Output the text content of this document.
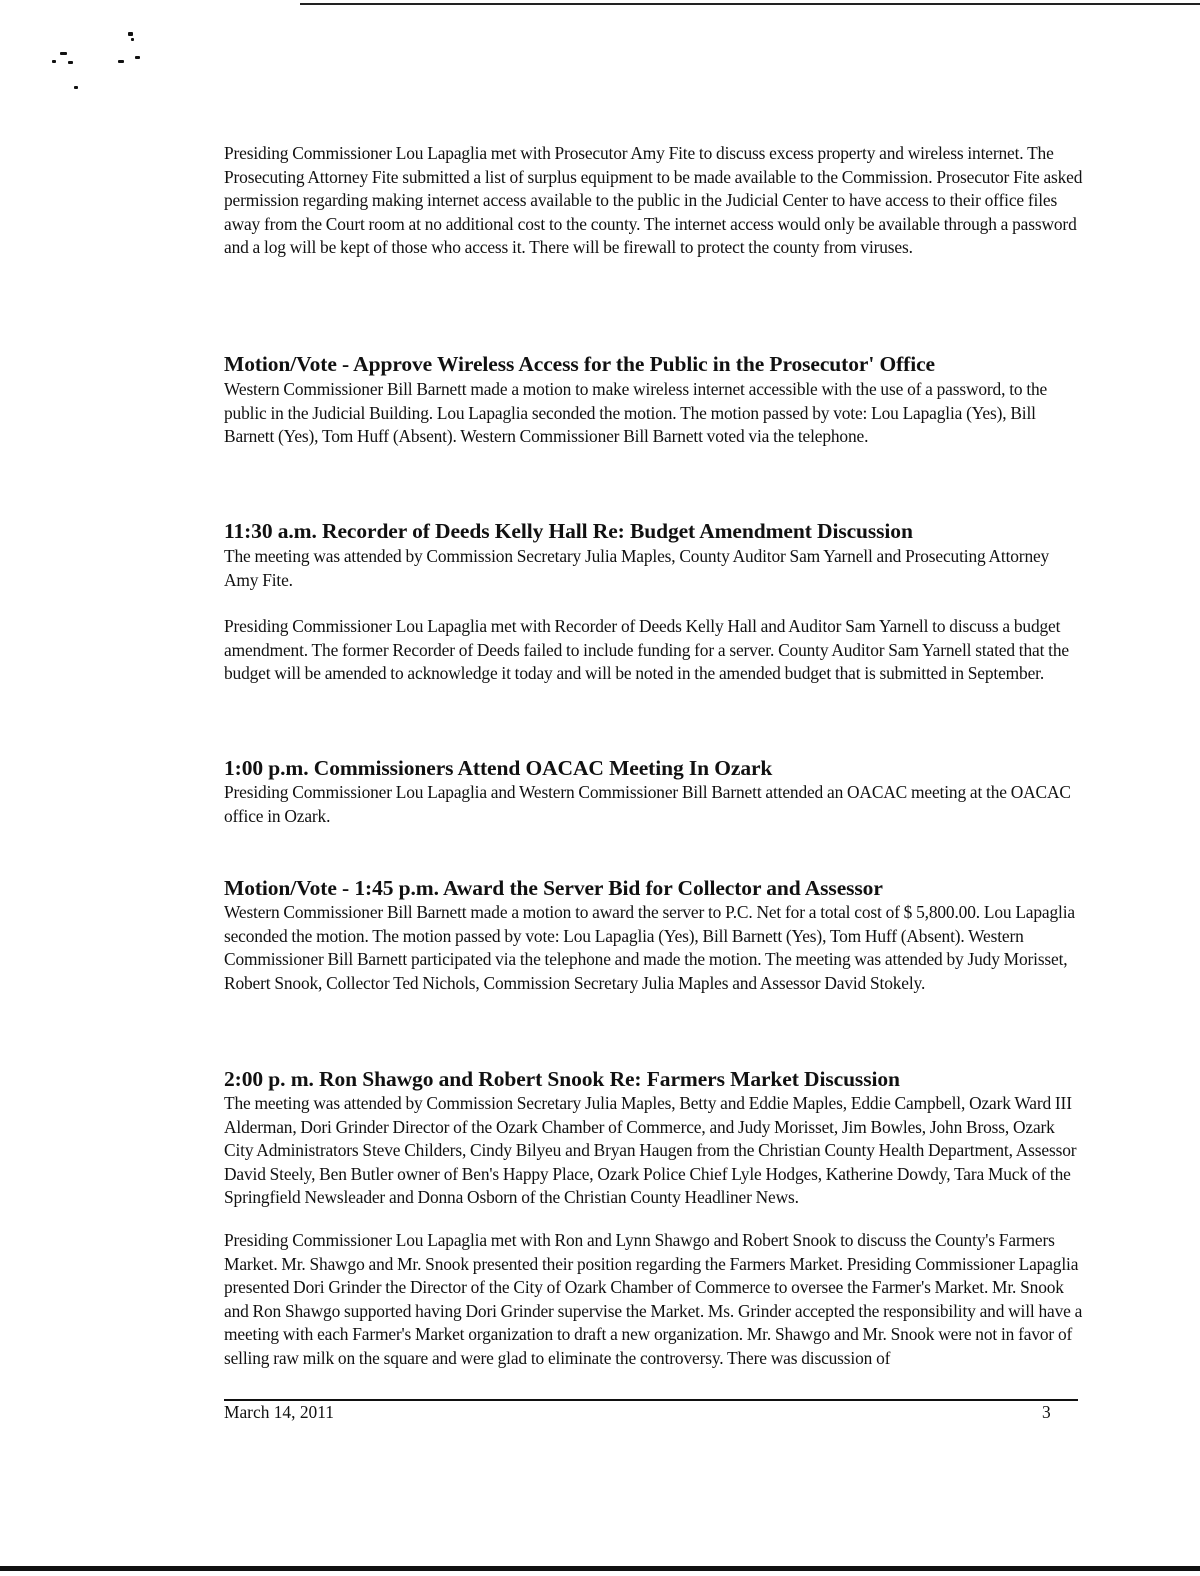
Presiding Commissioner Lou Lapaglia met with Prosecutor Amy Fite to discuss excess property and wireless internet. The Prosecuting Attorney Fite submitted a list of surplus equipment to be made available to the Commission. Prosecutor Fite asked permission regarding making internet access available to the public in the Judicial Center to have access to their office files away from the Court room at no additional cost to the county. The internet access would only be available through a password and a log will be kept of those who access it. There will be firewall to protect the county from viruses.

Motion/Vote - Approve Wireless Access for the Public in the Prosecutor' Office

Western Commissioner Bill Barnett made a motion to make wireless internet accessible with the use of a password, to the public in the Judicial Building. Lou Lapaglia seconded the motion. The motion passed by vote: Lou Lapaglia (Yes), Bill Barnett (Yes), Tom Huff (Absent). Western Commissioner Bill Barnett voted via the telephone.

11:30 a.m. Recorder of Deeds Kelly Hall Re: Budget Amendment Discussion

The meeting was attended by Commission Secretary Julia Maples, County Auditor Sam Yarnell and Prosecuting Attorney Amy Fite.

Presiding Commissioner Lou Lapaglia met with Recorder of Deeds Kelly Hall and Auditor Sam Yarnell to discuss a budget amendment. The former Recorder of Deeds failed to include funding for a server. County Auditor Sam Yarnell stated that the budget will be amended to acknowledge it today and will be noted in the amended budget that is submitted in September.

1:00 p.m. Commissioners Attend OACAC Meeting In Ozark

Presiding Commissioner Lou Lapaglia and Western Commissioner Bill Barnett attended an OACAC meeting at the OACAC office in Ozark.

Motion/Vote - 1:45 p.m. Award the Server Bid for Collector and Assessor

Western Commissioner Bill Barnett made a motion to award the server to P.C. Net for a total cost of $ 5,800.00. Lou Lapaglia seconded the motion. The motion passed by vote: Lou Lapaglia (Yes), Bill Barnett (Yes), Tom Huff (Absent). Western Commissioner Bill Barnett participated via the telephone and made the motion. The meeting was attended by Judy Morisset, Robert Snook, Collector Ted Nichols, Commission Secretary Julia Maples and Assessor David Stokely.

2:00 p. m. Ron Shawgo and Robert Snook Re: Farmers Market Discussion

The meeting was attended by Commission Secretary Julia Maples, Betty and Eddie Maples, Eddie Campbell, Ozark Ward III Alderman, Dori Grinder Director of the Ozark Chamber of Commerce, and Judy Morisset, Jim Bowles, John Bross, Ozark City Administrators Steve Childers, Cindy Bilyeu and Bryan Haugen from the Christian County Health Department, Assessor David Steely, Ben Butler owner of Ben's Happy Place, Ozark Police Chief Lyle Hodges, Katherine Dowdy, Tara Muck of the Springfield Newsleader and Donna Osborn of the Christian County Headliner News.

Presiding Commissioner Lou Lapaglia met with Ron and Lynn Shawgo and Robert Snook to discuss the County's Farmers Market. Mr. Shawgo and Mr. Snook presented their position regarding the Farmers Market. Presiding Commissioner Lapaglia presented Dori Grinder the Director of the City of Ozark Chamber of Commerce to oversee the Farmer's Market. Mr. Snook and Ron Shawgo supported having Dori Grinder supervise the Market. Ms. Grinder accepted the responsibility and will have a meeting with each Farmer's Market organization to draft a new organization. Mr. Shawgo and Mr. Snook were not in favor of selling raw milk on the square and were glad to eliminate the controversy. There was discussion of

March 14, 2011	3
